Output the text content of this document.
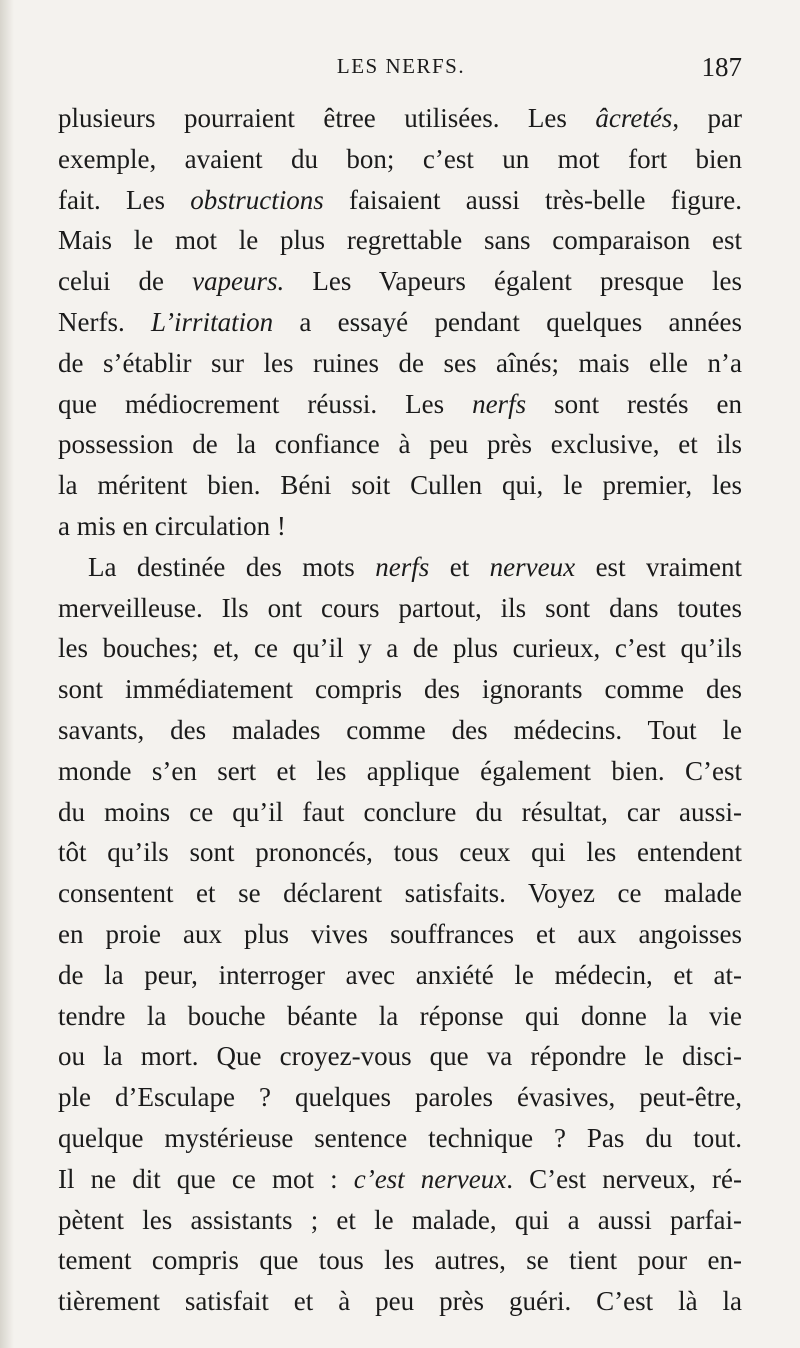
LES NERFS.	187
plusieurs pourraient êtree utilisées. Les âcretés, par
exemple, avaient du bon; c’est un mot fort bien
fait. Les obstructions faisaient aussi très-belle figure.
Mais le mot le plus regrettable sans comparaison est
celui de vapeurs. Les Vapeurs égalent presque les
Nerfs. L’irritation a essayé pendant quelques années
de s’établir sur les ruines de ses aînés; mais elle n’a
que médiocrement réussi. Les nerfs sont restés en
possession de la confiance à peu près exclusive, et ils
la méritent bien. Béni soit Cullen qui, le premier, les
a mis en circulation !
La destinée des mots nerfs et nerveux est vraiment
merveilleuse. Ils ont cours partout, ils sont dans toutes
les bouches; et, ce qu’il y a de plus curieux, c’est qu’ils
sont immédiatement compris des ignorants comme des
savants, des malades comme des médecins. Tout le
monde s’en sert et les applique également bien. C’est
du moins ce qu’il faut conclure du résultat, car aussi-
tôt qu’ils sont prononcés, tous ceux qui les entendent
consentent et se déclarent satisfaits. Voyez ce malade
en proie aux plus vives souffrances et aux angoisses
de la peur, interroger avec anxiété le médecin, et at-
tendre la bouche béante la réponse qui donne la vie
ou la mort. Que croyez-vous que va répondre le disci-
ple d’Esculape ? quelques paroles évasives, peut-être,
quelque mystérieuse sentence technique ? Pas du tout.
Il ne dit que ce mot : c’est nerveux. C’est nerveux, ré-
pètent les assistants ; et le malade, qui a aussi parfai-
tement compris que tous les autres, se tient pour en-
tièrement satisfait et à peu près guéri. C’est là la
